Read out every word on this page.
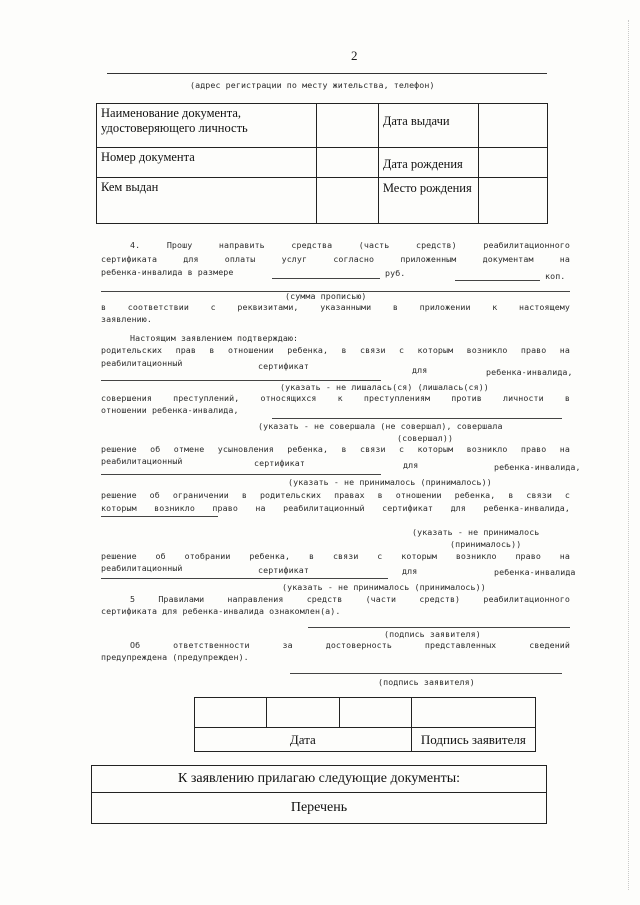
2
(адрес регистрации по месту жительства, телефон)
Наименование документа, удостоверяющего личность		Дата выдачи	
Номер документа		Дата рождения	
Кем выдан		Место рождения	
4. Прошу направить средства (часть средств) реабилитационного
сертификата для оплаты услуг согласно приложенным документам на
ребенка-инвалида в размере	руб.	коп.
(сумма прописью)
в соответствии с реквизитами, указанными в приложении к настоящему
заявлению.
Настоящим заявлением подтверждаю:
родительских прав в отношении ребенка, в связи с которым возникло право на
реабилитационный	сертификат	для	ребенка-инвалида,
(указать - не лишалась(ся) (лишалась(ся))
совершения преступлений, относящихся к преступлениям против личности в
отношении ребенка-инвалида,
(указать - не совершала (не совершал), совершала
(совершал))
решение об отмене усыновления ребенка, в связи с которым возникло право на
реабилитационный	сертификат	для	ребенка-инвалида,
(указать - не принималось (принималось))
решение об ограничении в родительских правах в отношении ребенка, в связи с
которым возникло право на реабилитационный сертификат для ребенка-инвалида,
(указать - не принималось
(принималось))
решение об отобрании ребенка, в связи с которым возникло право на
реабилитационный	сертификат	для	ребенка-инвалида
(указать - не принималось (принималось))
5 Правилами направления средств (части средств) реабилитационного
сертификата для ребенка-инвалида ознакомлен(а).
(подпись заявителя)
Об ответственности за достоверность представленных сведений
предупреждена (предупрежден).
(подпись заявителя)

Дата			Подпись заявителя
К заявлению прилагаю следующие документы:
Перечень
